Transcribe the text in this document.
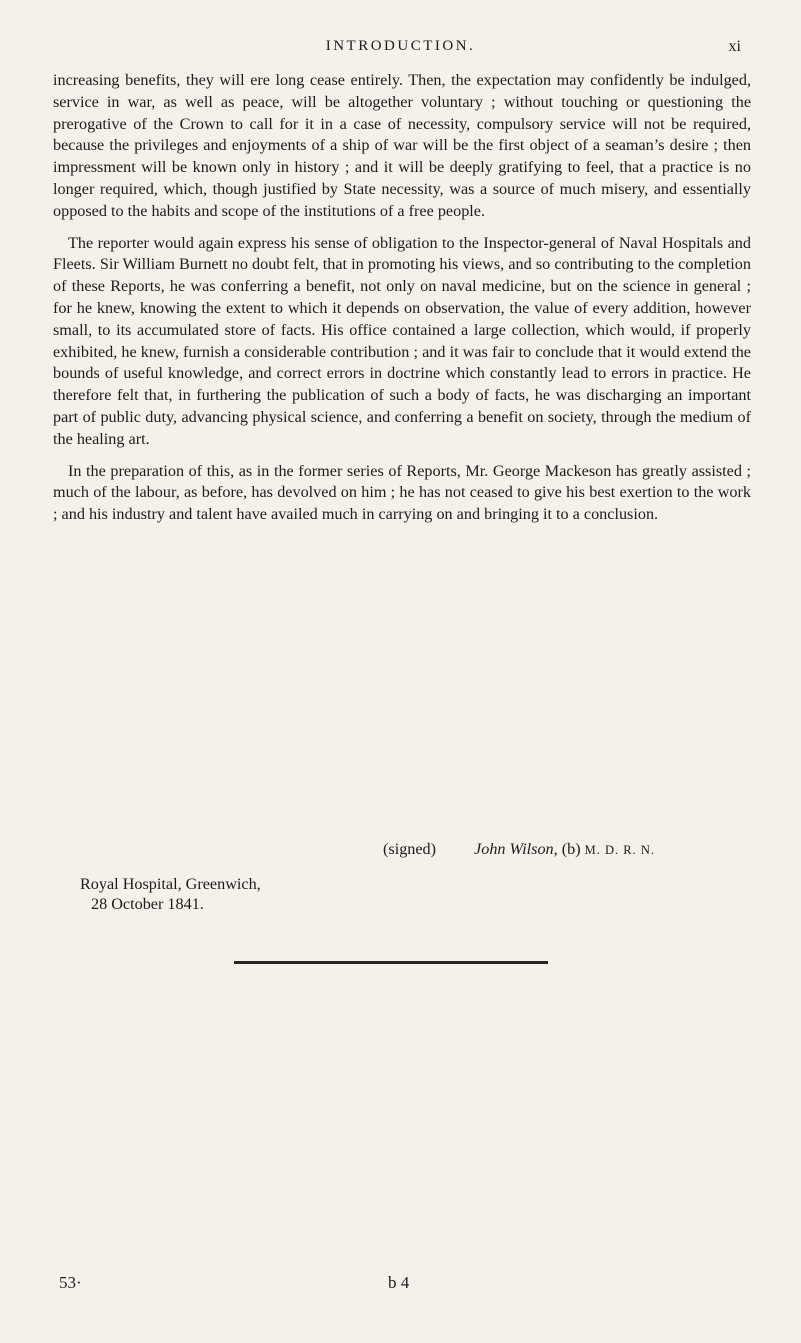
INTRODUCTION.	xi

increasing benefits, they will ere long cease entirely. Then, the expectation may confidently be indulged, service in war, as well as peace, will be altogether voluntary ; without touching or questioning the prerogative of the Crown to call for it in a case of necessity, compulsory service will not be required, because the privileges and enjoyments of a ship of war will be the first object of a seaman’s desire ; then impressment will be known only in history ; and it will be deeply gratifying to feel, that a practice is no longer required, which, though justified by State necessity, was a source of much misery, and essentially opposed to the habits and scope of the institutions of a free people.

The reporter would again express his sense of obligation to the Inspector-general of Naval Hospitals and Fleets. Sir William Burnett no doubt felt, that in promoting his views, and so contributing to the completion of these Reports, he was conferring a benefit, not only on naval medicine, but on the science in general ; for he knew, knowing the extent to which it depends on observation, the value of every addition, however small, to its accumulated store of facts. His office contained a large collection, which would, if properly exhibited, he knew, furnish a considerable contribution ; and it was fair to conclude that it would extend the bounds of useful knowledge, and correct errors in doctrine which constantly lead to errors in practice. He therefore felt that, in furthering the publication of such a body of facts, he was discharging an important part of public duty, advancing physical science, and conferring a benefit on society, through the medium of the healing art.

In the preparation of this, as in the former series of Reports, Mr. George Mackeson has greatly assisted ; much of the labour, as before, has devolved on him ; he has not ceased to give his best exertion to the work ; and his industry and talent have availed much in carrying on and bringing it to a conclusion.

(signed) John Wilson, (b) M. D. R. N.
Royal Hospital, Greenwich,
28 October 1841.
53·	b 4
